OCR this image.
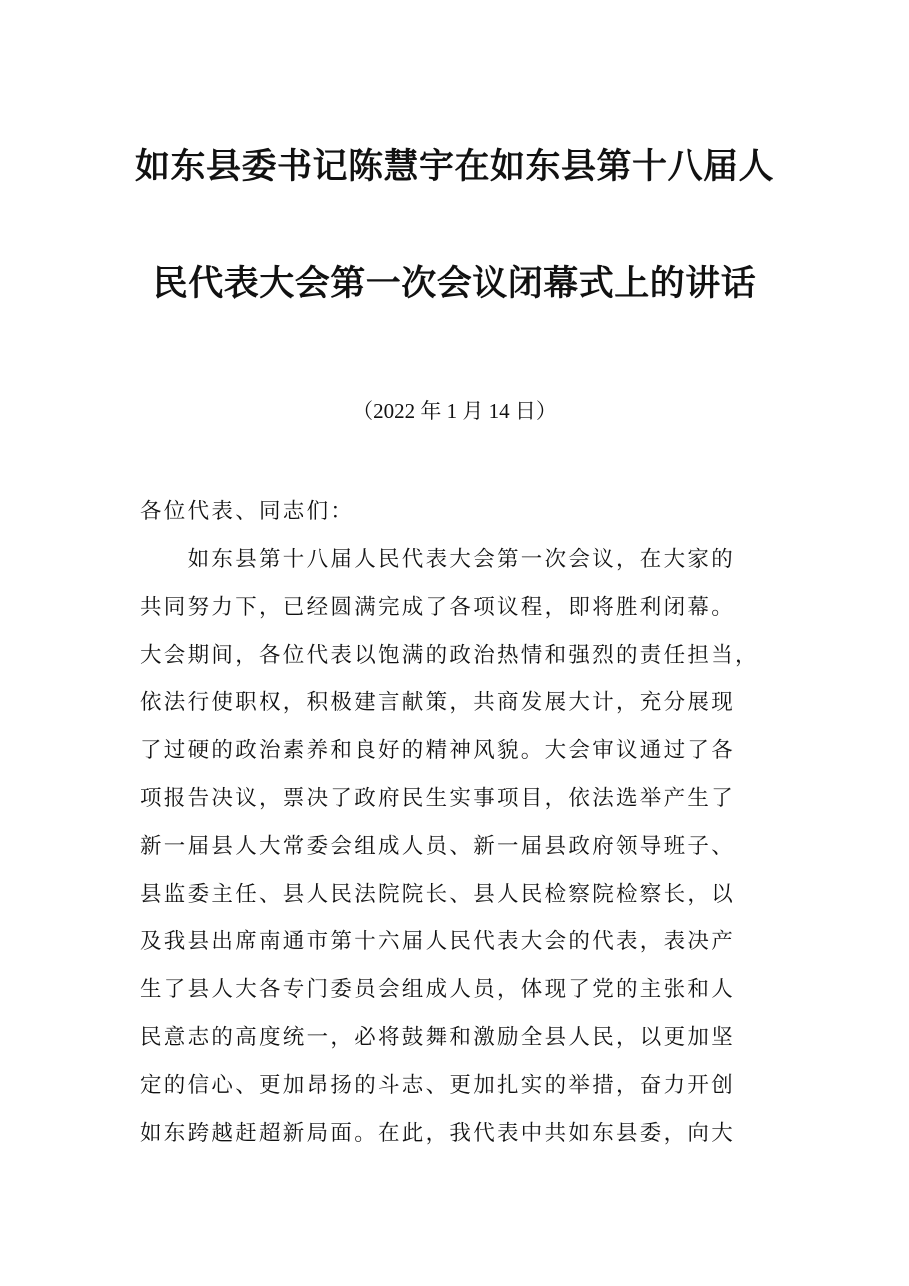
如东县委书记陈慧宇在如东县第十八届人
民代表大会第一次会议闭幕式上的讲话
（2022 年 1 月 14 日）
各位代表、同志们：
　　如东县第十八届人民代表大会第一次会议，在大家的
共同努力下，已经圆满完成了各项议程，即将胜利闭幕。
大会期间，各位代表以饱满的政治热情和强烈的责任担当，
依法行使职权，积极建言献策，共商发展大计，充分展现
了过硬的政治素养和良好的精神风貌。大会审议通过了各
项报告决议，票决了政府民生实事项目，依法选举产生了
新一届县人大常委会组成人员、新一届县政府领导班子、
县监委主任、县人民法院院长、县人民检察院检察长，以
及我县出席南通市第十六届人民代表大会的代表，表决产
生了县人大各专门委员会组成人员，体现了党的主张和人
民意志的高度统一，必将鼓舞和激励全县人民，以更加坚
定的信心、更加昂扬的斗志、更加扎实的举措，奋力开创
如东跨越赶超新局面。在此，我代表中共如东县委，向大
